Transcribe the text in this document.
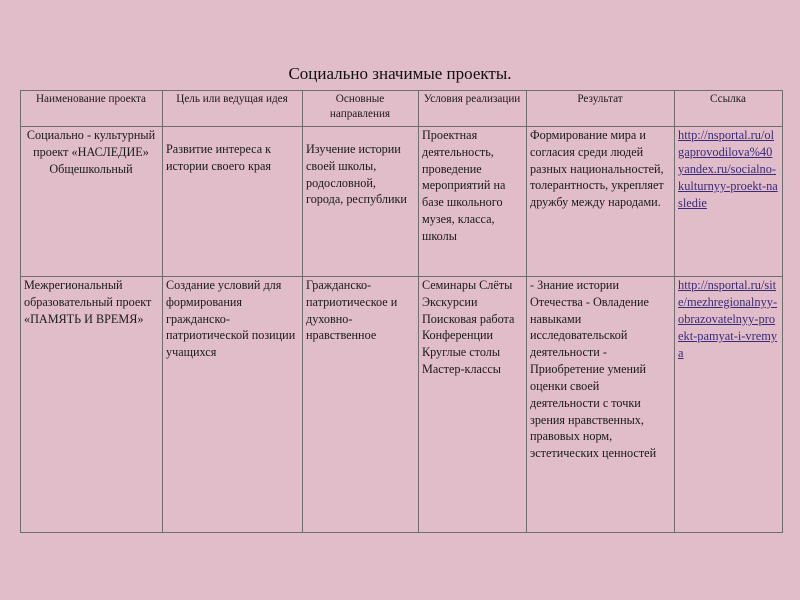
Социально значимые проекты.
Наименование проекта	Цель или ведущая идея	Основные направления	Условия реализации	Результат	Ссылка
Социально - культурный проект «НАСЛЕДИЕ» Общешкольный	Развитие интереса к истории своего края	Изучение истории своей школы, родословной, города, республики	Проектная деятельность, проведение мероприятий на базе школьного музея, класса, школы	Формирование мира и согласия среди людей разных национальностей, толерантность, укрепляет дружбу между народами.	http://nsportal.ru/olgaprovodilova%40yandex.ru/socialno-kulturnyy-proekt-nasledie
Межрегиональный образовательный проект «ПАМЯТЬ И ВРЕМЯ»	Создание условий для формирования гражданско-патриотической позиции учащихся	Гражданско-патриотическое и духовно-нравственное	Семинары Слёты Экскурсии Поисковая работа Конференции Круглые столы Мастер-классы	- Знание истории Отечества - Овладение навыками исследовательской деятельности - Приобретение умений оценки своей деятельности с точки зрения нравственных, правовых норм, эстетических ценностей	http://nsportal.ru/site/mezhregionalnyy-obrazovatelnyy-proekt-pamyat-i-vremya
